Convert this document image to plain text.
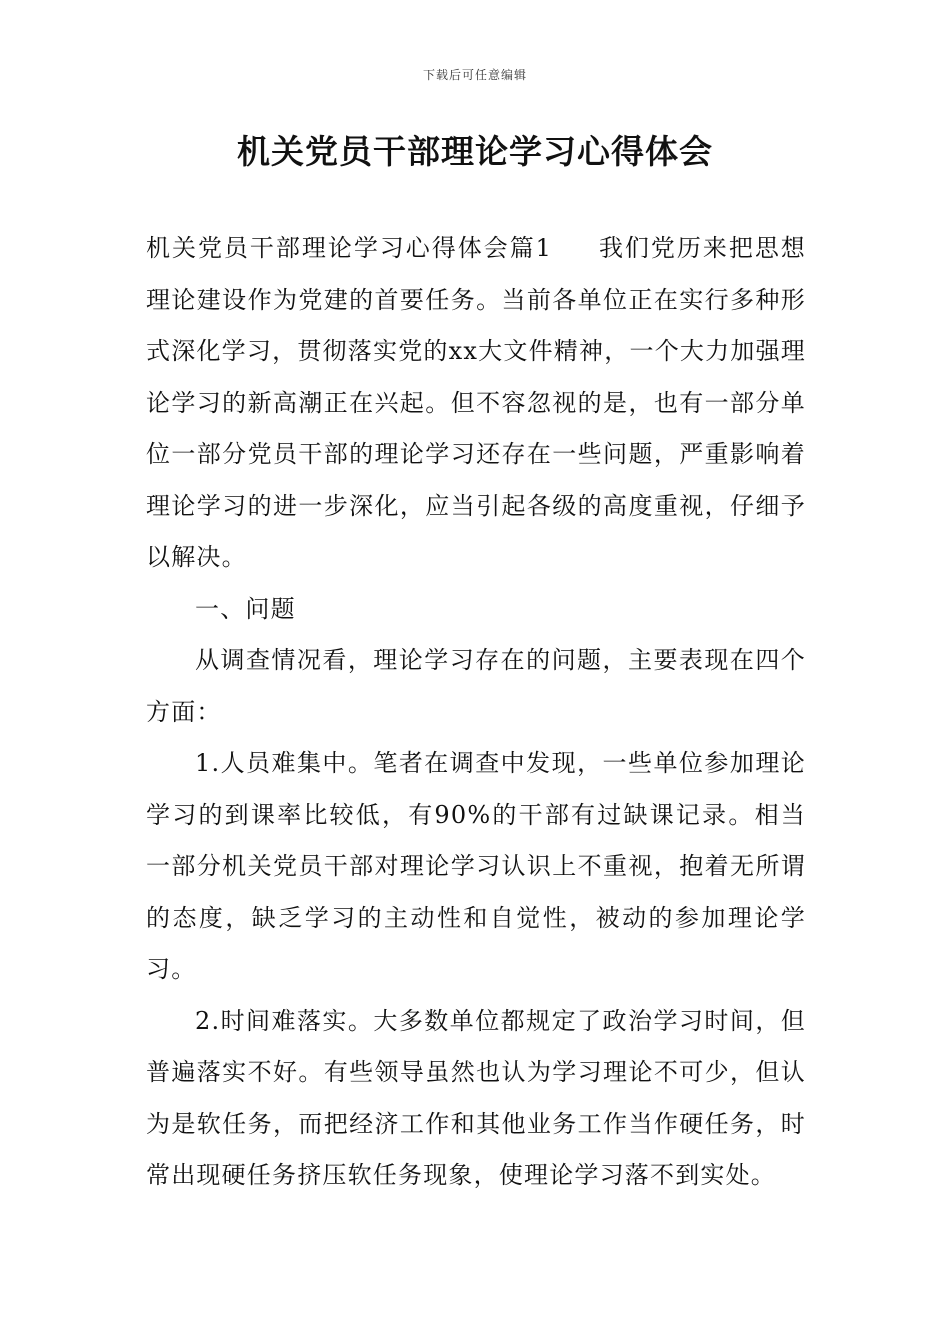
下载后可任意编辑
机关党员干部理论学习心得体会

机关党员干部理论学习心得体会篇1 我们党历来把思想理论建设作为党建的首要任务。当前各单位正在实行多种形式深化学习，贯彻落实党的xx大文件精神，一个大力加强理论学习的新高潮正在兴起。但不容忽视的是，也有一部分单位一部分党员干部的理论学习还存在一些问题，严重影响着理论学习的进一步深化，应当引起各级的高度重视，仔细予以解决。

一、问题

从调查情况看，理论学习存在的问题，主要表现在四个方面：

1.人员难集中。笔者在调查中发现，一些单位参加理论学习的到课率比较低，有90%的干部有过缺课记录。相当一部分机关党员干部对理论学习认识上不重视，抱着无所谓的态度，缺乏学习的主动性和自觉性，被动的参加理论学习。

2.时间难落实。大多数单位都规定了政治学习时间，但普遍落实不好。有些领导虽然也认为学习理论不可少，但认为是软任务，而把经济工作和其他业务工作当作硬任务，时常出现硬任务挤压软任务现象，使理论学习落不到实处。
